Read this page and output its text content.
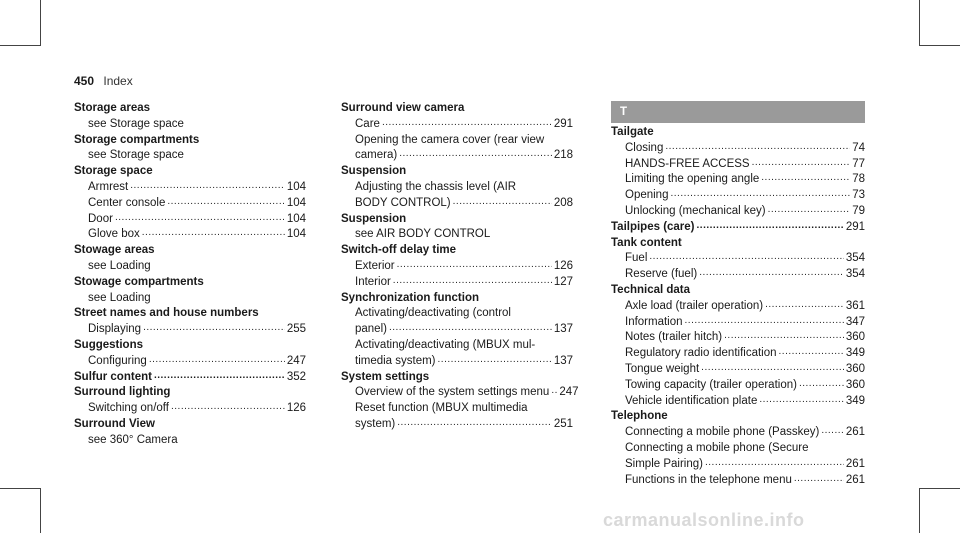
450 Index
Storage areas
see Storage space
Storage compartments
see Storage space
Storage space
Armrest .....	104
Center console .....	104
Door .....	104
Glove box .....	104
Stowage areas
see Loading
Stowage compartments
see Loading
Street names and house numbers
Displaying .....	255
Suggestions
Configuring .....	247
Sulfur content .....	352
Surround lighting
Switching on/off .....	126
Surround View
see 360° Camera
Surround view camera
Care .....	291
Opening the camera cover (rear view
camera) .....	218
Suspension
Adjusting the chassis level (AIR
BODY CONTROL) .....	208
Suspension
see AIR BODY CONTROL
Switch-off delay time
Exterior .....	126
Interior .....	127
Synchronization function
Activating/deactivating (control
panel) .....	137
Activating/deactivating (MBUX mul-
timedia system) .....	137
System settings
Overview of the system settings menu ..... 247
Reset function (MBUX multimedia
system) .....	251
T
Tailgate
Closing .....	74
HANDS-FREE ACCESS .....	77
Limiting the opening angle .....	78
Opening .....	73
Unlocking (mechanical key) .....	79
Tailpipes (care) .....	291
Tank content
Fuel .....	354
Reserve (fuel) .....	354
Technical data
Axle load (trailer operation) .....	361
Information .....	347
Notes (trailer hitch) .....	360
Regulatory radio identification .....	349
Tongue weight .....	360
Towing capacity (trailer operation) .....	360
Vehicle identification plate .....	349
Telephone
Connecting a mobile phone (Passkey) ..... 261
Connecting a mobile phone (Secure
Simple Pairing) .....	261
Functions in the telephone menu .....	261
carmanualsonline.info
